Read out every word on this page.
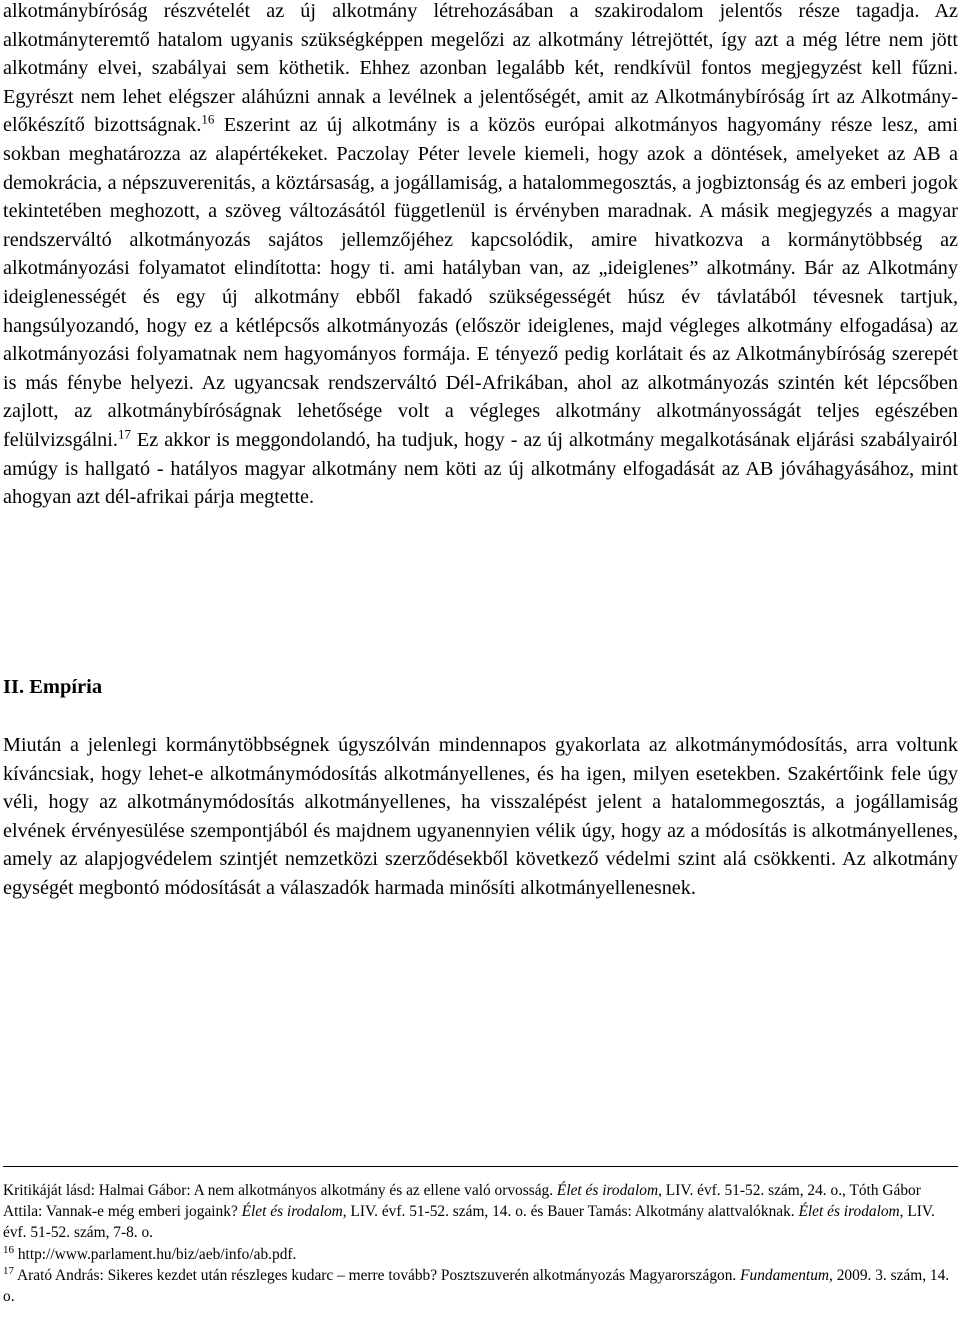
alkotmánybíróság részvételét az új alkotmány létrehozásában a szakirodalom jelentős része tagadja. Az alkotmányteremtő hatalom ugyanis szükségképpen megelőzi az alkotmány létrejöttét, így azt a még létre nem jött alkotmány elvei, szabályai sem köthetik. Ehhez azonban legalább két, rendkívül fontos megjegyzést kell fűzni. Egyrészt nem lehet elégszer aláhúzni annak a levélnek a jelentőségét, amit az Alkotmánybíróság írt az Alkotmány-előkészítő bizottságnak.$^{16}$ Eszerint az új alkotmány is a közös európai alkotmányos hagyomány része lesz, ami sokban meghatározza az alapértékeket. Paczolay Péter levele kiemeli, hogy azok a döntések, amelyeket az AB a demokrácia, a népszuverenitás, a köztársaság, a jogállamiság, a hatalommegosztás, a jogbiztonság és az emberi jogok tekintetében meghozott, a szöveg változásától függetlenül is érvényben maradnak. A másik megjegyzés a magyar rendszerváltó alkotmányozás sajátos jellemzőjéhez kapcsolódik, amire hivatkozva a kormánytöbbség az alkotmányozási folyamatot elindította: hogy ti. ami hatályban van, az „ideiglenes” alkotmány. Bár az Alkotmány ideiglenességét és egy új alkotmány ebből fakadó szükségességét húsz év távlatából tévesnek tartjuk, hangsúlyozandó, hogy ez a kétlépcsős alkotmányozás (először ideiglenes, majd végleges alkotmány elfogadása) az alkotmányozási folyamatnak nem hagyományos formája. E tényező pedig korlátait és az Alkotmánybíróság szerepét is más fénybe helyezi. Az ugyancsak rendszerváltó Dél-Afrikában, ahol az alkotmányozás szintén két lépcsőben zajlott, az alkotmánybíróságnak lehetősége volt a végleges alkotmány alkotmányosságát teljes egészében felülvizsgálni.$^{17}$ Ez akkor is meggondolandó, ha tudjuk, hogy - az új alkotmány megalkotásának eljárási szabályairól amúgy is hallgató - hatályos magyar alkotmány nem köti az új alkotmány elfogadását az AB jóváhagyásához, mint ahogyan azt dél-afrikai párja megtette.

II. Empíria

Miután a jelenlegi kormánytöbbségnek úgyszólván mindennapos gyakorlata az alkotmánymódosítás, arra voltunk kíváncsiak, hogy lehet-e alkotmánymódosítás alkotmányellenes, és ha igen, milyen esetekben. Szakértőink fele úgy véli, hogy az alkotmánymódosítás alkotmányellenes, ha visszalépést jelent a hatalommegosztás, a jogállamiság elvének érvényesülése szempontjából és majdnem ugyanennyien vélik úgy, hogy az a módosítás is alkotmányellenes, amely az alapjogvédelem szintjét nemzetközi szerződésekből következő védelmi szint alá csökkenti. Az alkotmány egységét megbontó módosítását a válaszadók harmada minősíti alkotmányellenesnek.

Kritikáját lásd: Halmai Gábor: A nem alkotmányos alkotmány és az ellene való orvosság. Élet és irodalom, LIV. évf. 51-52. szám, 24. o., Tóth Gábor Attila: Vannak-e még emberi jogaink? Élet és irodalom, LIV. évf. 51-52. szám, 14. o. és Bauer Tamás: Alkotmány alattvalóknak. Élet és irodalom, LIV. évf. 51-52. szám, 7-8. o.

$^{16}$ http://www.parlament.hu/biz/aeb/info/ab.pdf.

$^{17}$ Arató András: Sikeres kezdet után részleges kudarc – merre tovább? Posztszuverén alkotmányozás Magyarországon. Fundamentum, 2009. 3. szám, 14. o.
